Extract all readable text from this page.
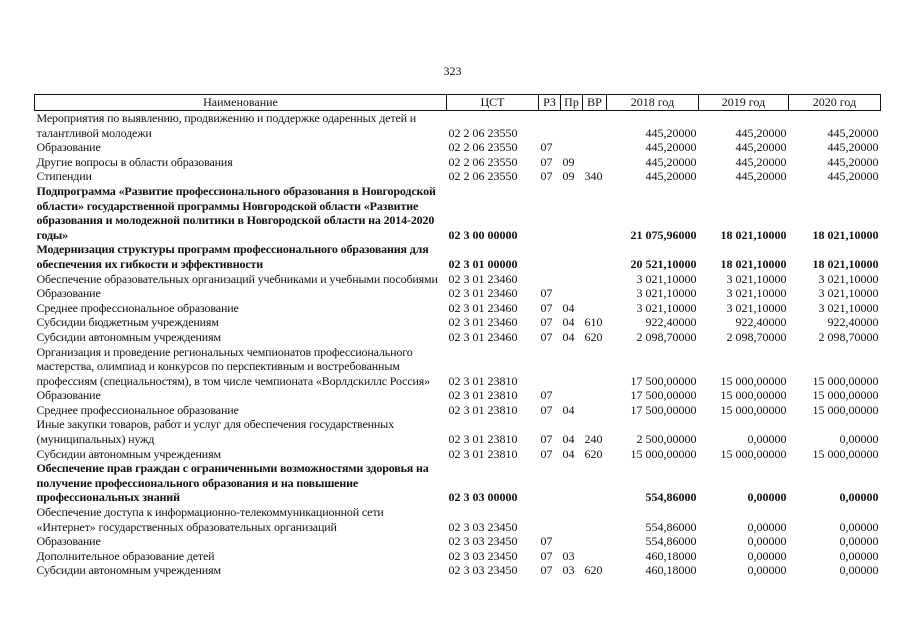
323
Наименование	ЦСТ	РЗ	Пр	ВР	2018 год	2019 год	2020 год
Мероприятия по выявлению, продвижению и поддержке одаренных детей и талантливой молодежи	02 2 06 23550				445,20000	445,20000	445,20000
Образование	02 2 06 23550	07			445,20000	445,20000	445,20000
Другие вопросы в области образования	02 2 06 23550	07	09		445,20000	445,20000	445,20000
Стипендии	02 2 06 23550	07	09	340	445,20000	445,20000	445,20000
Подпрограмма «Развитие профессионального образования в Новгородской области» государственной программы Новгородской области «Развитие образования и молодежной политики в Новгородской области на 2014-2020 годы»	02 3 00 00000				21 075,96000	18 021,10000	18 021,10000
Модернизация структуры программ профессионального образования для обеспечения их гибкости и эффективности	02 3 01 00000				20 521,10000	18 021,10000	18 021,10000
Обеспечение образовательных организаций учебниками и учебными пособиями	02 3 01 23460				3 021,10000	3 021,10000	3 021,10000
Образование	02 3 01 23460	07			3 021,10000	3 021,10000	3 021,10000
Среднее профессиональное образование	02 3 01 23460	07	04		3 021,10000	3 021,10000	3 021,10000
Субсидии бюджетным учреждениям	02 3 01 23460	07	04	610	922,40000	922,40000	922,40000
Субсидии автономным учреждениям	02 3 01 23460	07	04	620	2 098,70000	2 098,70000	2 098,70000
Организация и проведение региональных чемпионатов профессионального мастерства, олимпиад и конкурсов по перспективным и востребованным профессиям (специальностям), в том числе чемпионата «Ворлдскиллс Россия»	02 3 01 23810				17 500,00000	15 000,00000	15 000,00000
Образование	02 3 01 23810	07			17 500,00000	15 000,00000	15 000,00000
Среднее профессиональное образование	02 3 01 23810	07	04		17 500,00000	15 000,00000	15 000,00000
Иные закупки товаров, работ и услуг для обеспечения государственных (муниципальных) нужд	02 3 01 23810	07	04	240	2 500,00000	0,00000	0,00000
Субсидии автономным учреждениям	02 3 01 23810	07	04	620	15 000,00000	15 000,00000	15 000,00000
Обеспечение прав граждан с ограниченными возможностями здоровья на получение профессионального образования и на повышение профессиональных знаний	02 3 03 00000				554,86000	0,00000	0,00000
Обеспечение доступа к информационно-телекоммуникационной сети «Интернет» государственных образовательных организаций	02 3 03 23450				554,86000	0,00000	0,00000
Образование	02 3 03 23450	07			554,86000	0,00000	0,00000
Дополнительное образование детей	02 3 03 23450	07	03		460,18000	0,00000	0,00000
Субсидии автономным учреждениям	02 3 03 23450	07	03	620	460,18000	0,00000	0,00000
